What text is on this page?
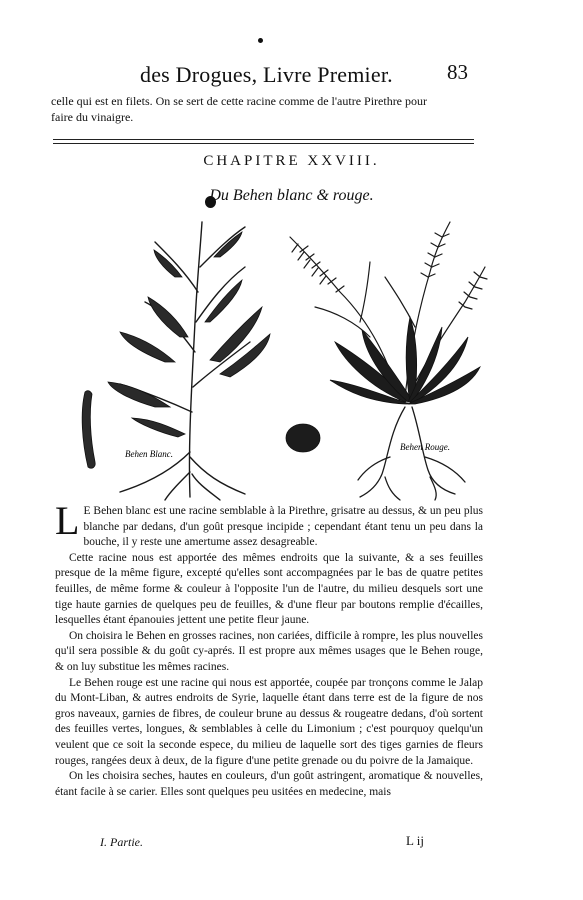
des Drogues, Livre Premier.	83
celle qui est en filets. On se sert de cette racine comme de l'autre Pirethre pour
faire du vinaigre.
CHAPITRE XXVIII.
Du Behen blanc & rouge.
Behen Blanc.
Behen Rouge.

L E Behen blanc est une racine semblable à la Pirethre, grisatre au dessus, & un peu plus blanche par dedans, d'un goût presque incipide ; cependant étant tenu un peu dans la bouche, il y reste une amertume assez desagreable.

Cette racine nous est apportée des mêmes endroits que la suivante, & a ses feuilles presque de la même figure, excepté qu'elles sont accompagnées par le bas de quatre petites feuilles, de même forme & couleur à l'opposite l'un de l'autre, du milieu desquels sort une tige haute garnies de quelques peu de feuilles, & d'une fleur par boutons remplie d'écailles, lesquelles étant épanouies jettent une petite fleur jaune.

On choisira le Behen en grosses racines, non cariées, difficile à rompre, les plus nouvelles qu'il sera possible & du goût cy-aprés. Il est propre aux mêmes usages que le Behen rouge, & on luy substitue les mêmes racines.

Le Behen rouge est une racine qui nous est apportée, coupée par tronçons comme le Jalap du Mont-Liban, & autres endroits de Syrie, laquelle étant dans terre est de la figure de nos gros naveaux, garnies de fibres, de couleur brune au dessus & rougeatre dedans, d'où sortent des feuilles vertes, longues, & semblables à celle du Limonium ; c'est pourquoy quelqu'un veulent que ce soit la seconde espece, du milieu de laquelle sort des tiges garnies de fleurs rouges, rangées deux à deux, de la figure d'une petite grenade ou du poivre de la Jamaique.

On les choisira seches, hautes en couleurs, d'un goût astringent, aromatique & nouvelles, étant facile à se carier. Elles sont quelques peu usitées en medecine, mais

I. Partie.	L ij
